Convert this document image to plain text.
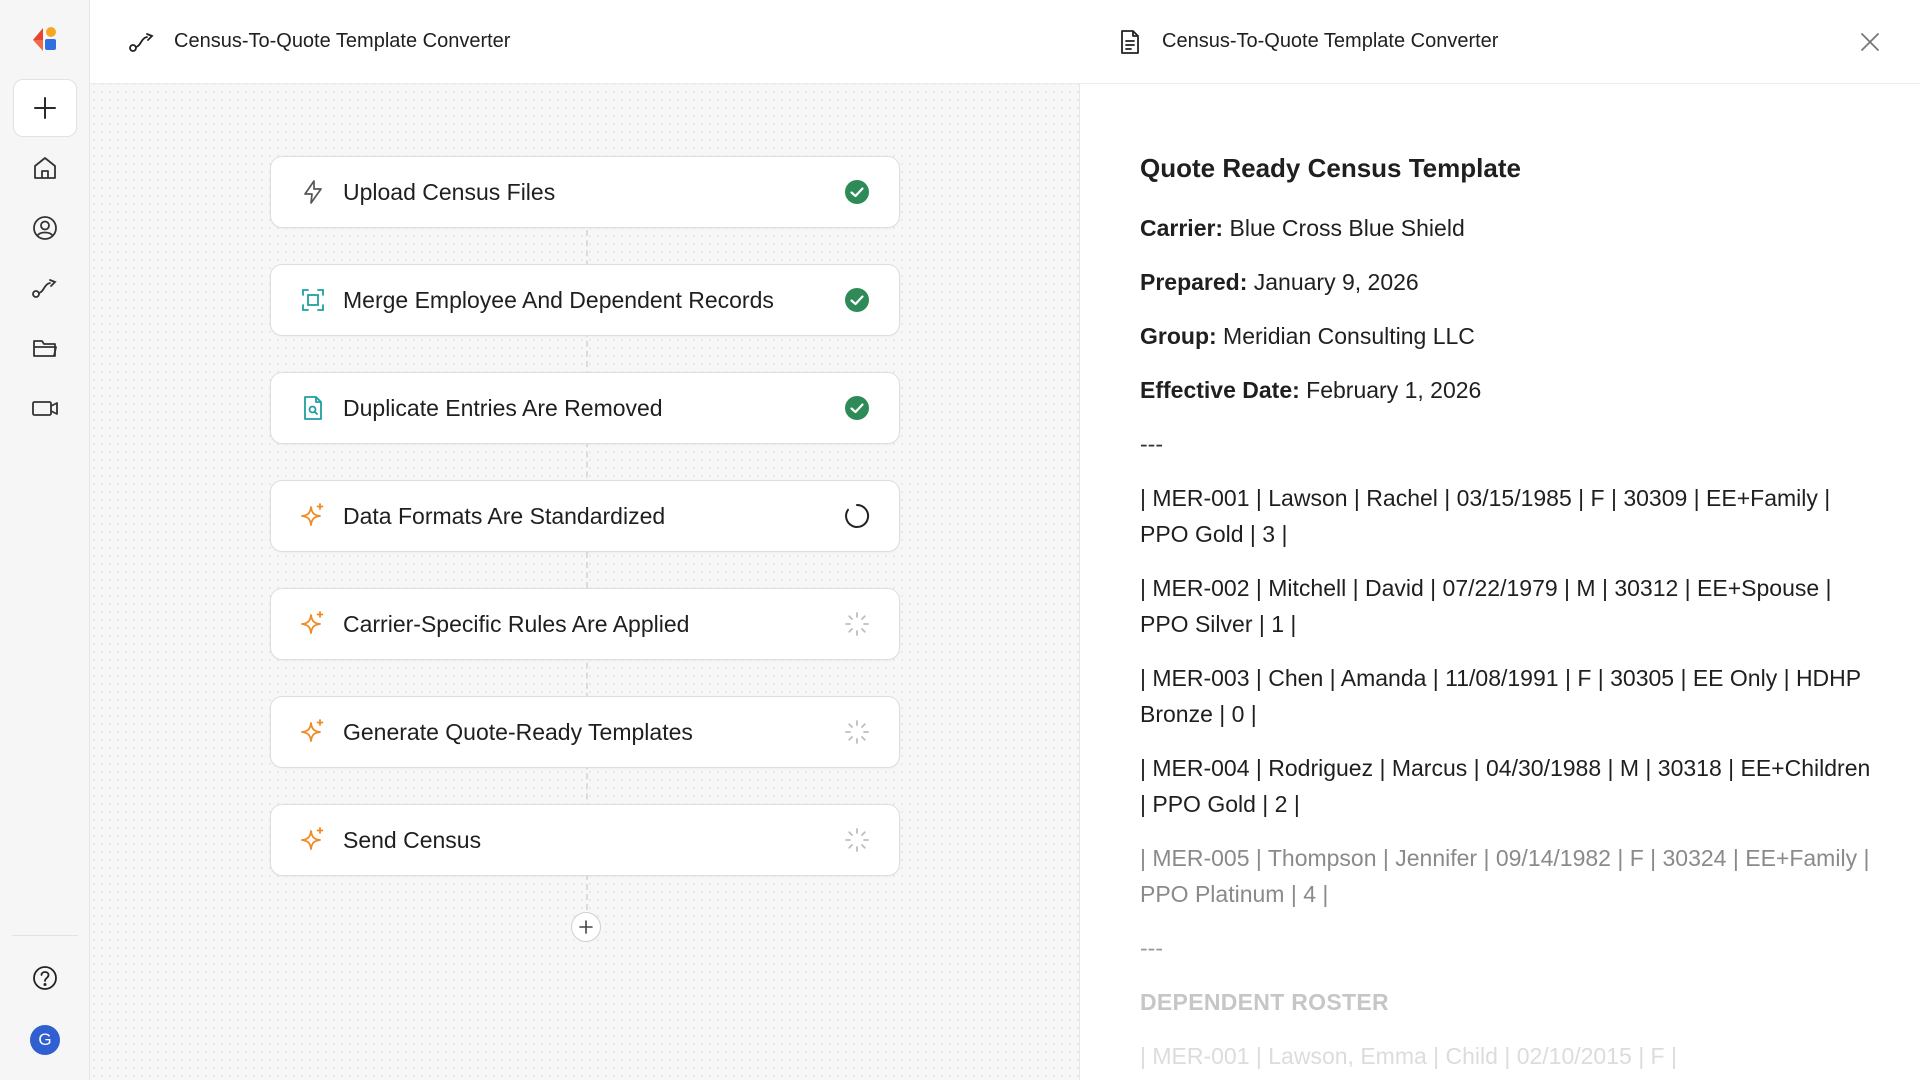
G
Census-To-Quote Template Converter
Upload Census Files
Merge Employee And Dependent Records
Duplicate Entries Are Removed
Data Formats Are Standardized
Carrier-Specific Rules Are Applied
Generate Quote-Ready Templates
Send Census
Census-To-Quote Template Converter
Quote Ready Census Template

Carrier: Blue Cross Blue Shield

Prepared: January 9, 2026

Group: Meridian Consulting LLC

Effective Date: February 1, 2026

---

| MER-001 | Lawson | Rachel | 03/15/1985 | F | 30309 | EE+Family | PPO Gold | 3 |

| MER-002 | Mitchell | David | 07/22/1979 | M | 30312 | EE+Spouse | PPO Silver | 1 |

| MER-003 | Chen | Amanda | 11/08/1991 | F | 30305 | EE Only | HDHP Bronze | 0 |

| MER-004 | Rodriguez | Marcus | 04/30/1988 | M | 30318 | EE+Children | PPO Gold | 2 |

| MER-005 | Thompson | Jennifer | 09/14/1982 | F | 30324 | EE+Family | PPO Platinum | 4 |

---

DEPENDENT ROSTER

| MER-001 | Lawson, Emma | Child | 02/10/2015 | F |
